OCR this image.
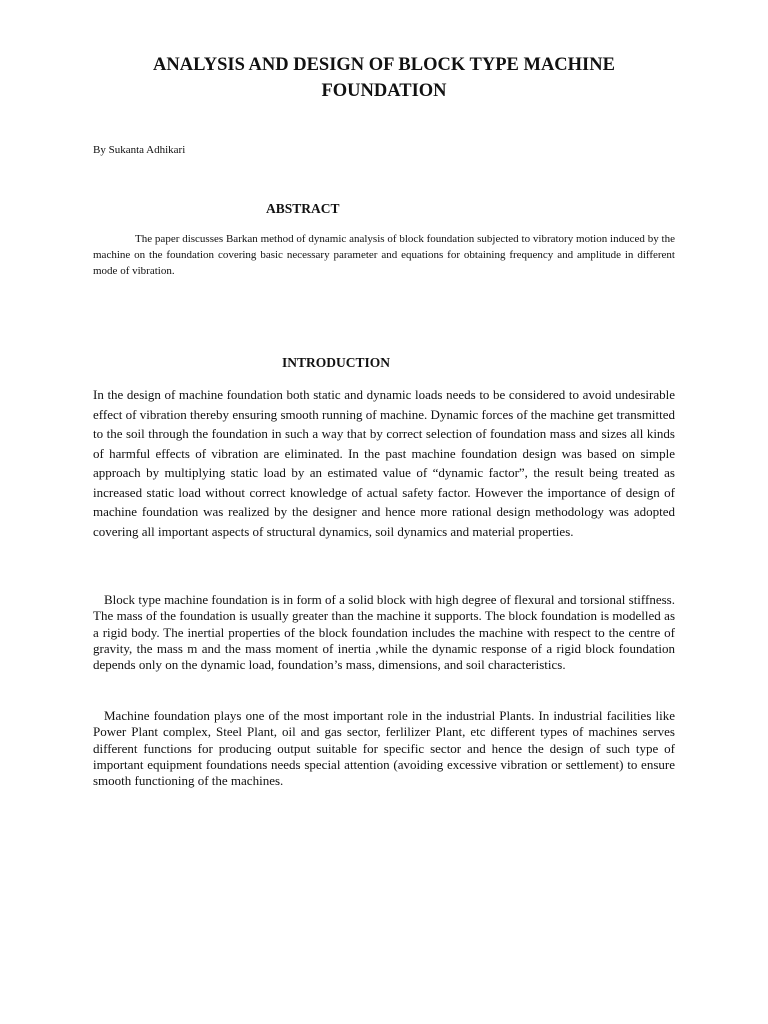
ANALYSIS AND DESIGN OF BLOCK TYPE MACHINE FOUNDATION

By Sukanta Adhikari

ABSTRACT

The paper discusses Barkan method of dynamic analysis of block foundation subjected to vibratory motion induced by the machine on the foundation covering basic necessary parameter and equations for obtaining frequency and amplitude in different mode of vibration.

INTRODUCTION

In the design of machine foundation both static and dynamic loads needs to be considered to avoid undesirable effect of vibration thereby ensuring smooth running of machine. Dynamic forces of the machine get transmitted to the soil through the foundation in such a way that by correct selection of foundation mass and sizes all kinds of harmful effects of vibration are eliminated. In the past machine foundation design was based on simple approach by multiplying static load by an estimated value of “dynamic factor”, the result being treated as increased static load without correct knowledge of actual safety factor. However the importance of design of machine foundation was realized by the designer and hence more rational design methodology was adopted covering all important aspects of structural dynamics, soil dynamics and material properties.

Block type machine foundation is in form of a solid block with high degree of flexural and torsional stiffness. The mass of the foundation is usually greater than the machine it supports. The block foundation is modelled as a rigid body. The inertial properties of the block foundation includes the machine with respect to the centre of gravity, the mass m and the mass moment of inertia ,while the dynamic response of a rigid block foundation depends only on the dynamic load, foundation’s mass, dimensions, and soil characteristics.

Machine foundation plays one of the most important role in the industrial Plants. In industrial facilities like Power Plant complex, Steel Plant, oil and gas sector, ferlilizer Plant, etc different types of machines serves different functions for producing output suitable for specific sector and hence the design of such type of important equipment foundations needs special attention (avoiding excessive vibration or settlement) to ensure smooth functioning of the machines.
